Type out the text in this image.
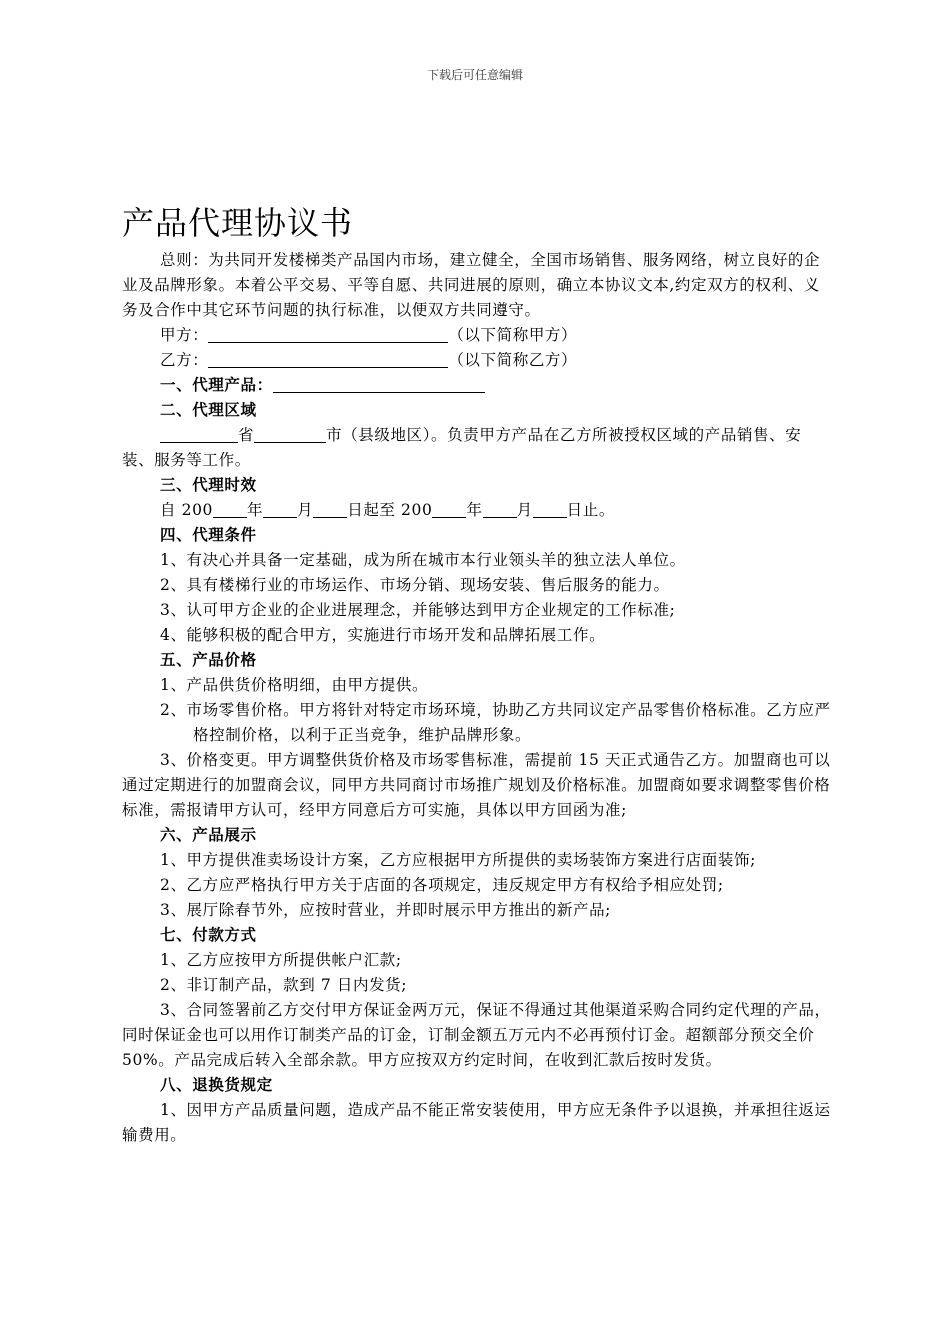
下载后可任意编辑
产品代理协议书

总则：为共同开发楼梯类产品国内市场，建立健全，全国市场销售、服务网络，树立良好的企业及品牌形象。本着公平交易、平等自愿、共同进展的原则，确立本协议文本,约定双方的权利、义务及合作中其它环节问题的执行标准，以便双方共同遵守。

甲方：	（以下简称甲方）

乙方：	（以下简称乙方）

一、代理产品：

二、代理区域

省	市（县级地区）。负责甲方产品在乙方所被授权区域的产品销售、安装、服务等工作。

三、代理时效

自 200 年 月 日起至 200 年 月 日止。

四、代理条件

1、有决心并具备一定基础，成为所在城市本行业领头羊的独立法人单位。

2、具有楼梯行业的市场运作、市场分销、现场安装、售后服务的能力。

3、认可甲方企业的企业进展理念，并能够达到甲方企业规定的工作标准;

4、能够积极的配合甲方，实施进行市场开发和品牌拓展工作。

五、产品价格

1、产品供货价格明细，由甲方提供。

2、市场零售价格。甲方将针对特定市场环境，协助乙方共同议定产品零售价格标准。乙方应严格控制价格，以利于正当竞争，维护品牌形象。

3、价格变更。甲方调整供货价格及市场零售标准，需提前 15 天正式通告乙方。加盟商也可以通过定期进行的加盟商会议，同甲方共同商讨市场推广规划及价格标准。加盟商如要求调整零售价格标准，需报请甲方认可，经甲方同意后方可实施，具体以甲方回函为准;

六、产品展示

1、甲方提供准卖场设计方案，乙方应根据甲方所提供的卖场装饰方案进行店面装饰;

2、乙方应严格执行甲方关于店面的各项规定，违反规定甲方有权给予相应处罚;

3、展厅除春节外，应按时营业，并即时展示甲方推出的新产品;

七、付款方式

1、乙方应按甲方所提供帐户汇款;

2、非订制产品，款到 7 日内发货;

3、合同签署前乙方交付甲方保证金两万元，保证不得通过其他渠道采购合同约定代理的产品，同时保证金也可以用作订制类产品的订金，订制金额五万元内不必再预付订金。超额部分预交全价 50%。产品完成后转入全部余款。甲方应按双方约定时间，在收到汇款后按时发货。

八、退换货规定

1、因甲方产品质量问题，造成产品不能正常安装使用，甲方应无条件予以退换，并承担往返运输费用。
